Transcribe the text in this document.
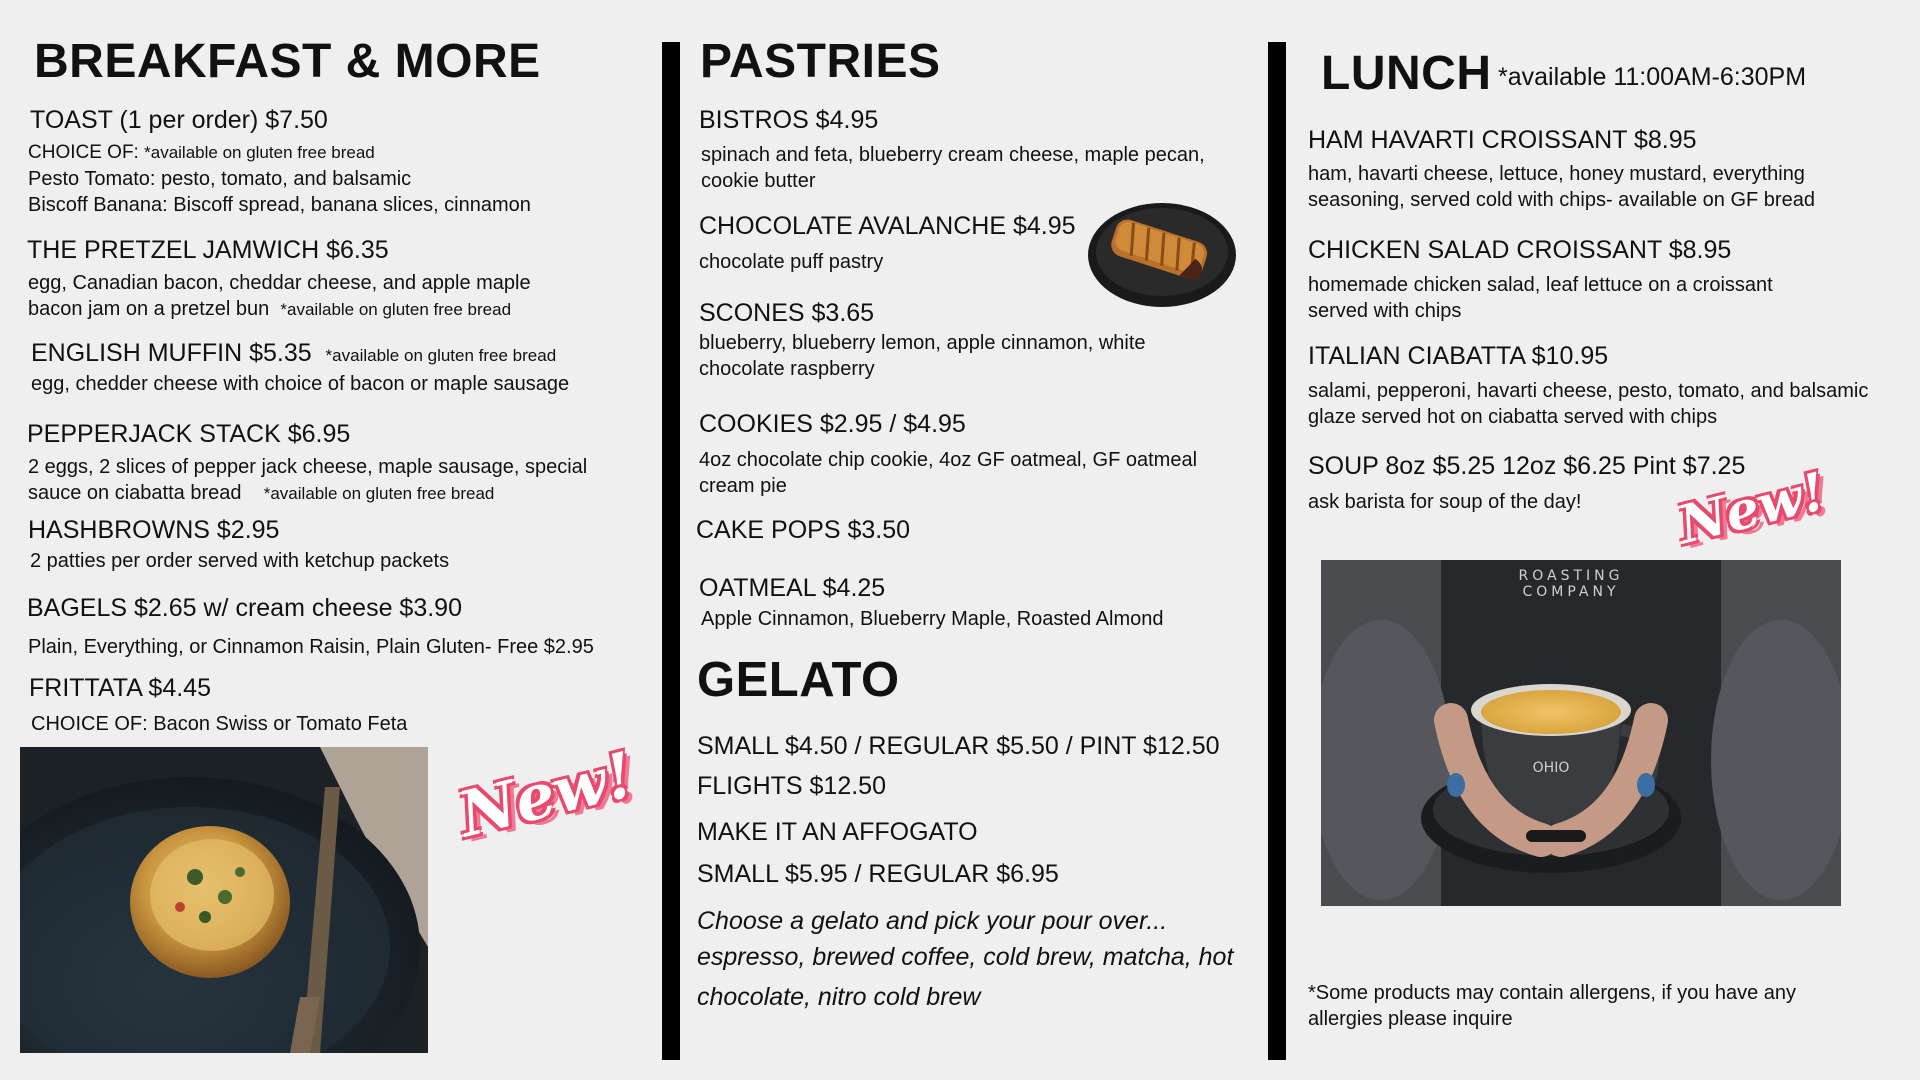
BREAKFAST & MORE
TOAST (1 per order) $7.50
CHOICE OF: *available on gluten free bread
Pesto Tomato: pesto, tomato, and balsamic
Biscoff Banana: Biscoff spread, banana slices, cinnamon
THE PRETZEL JAMWICH $6.35
egg, Canadian bacon, cheddar cheese, and apple maple
bacon jam on a pretzel bun *available on gluten free bread
ENGLISH MUFFIN $5.35 *available on gluten free bread
egg, chedder cheese with choice of bacon or maple sausage
PEPPERJACK STACK $6.95
2 eggs, 2 slices of pepper jack cheese, maple sausage, special
sauce on ciabatta bread *available on gluten free bread
HASHBROWNS $2.95
2 patties per order served with ketchup packets
BAGELS $2.65 w/ cream cheese $3.90
Plain, Everything, or Cinnamon Raisin, Plain Gluten- Free $2.95
FRITTATA $4.45
CHOICE OF: Bacon Swiss or Tomato Feta
New!
PASTRIES
BISTROS $4.95
spinach and feta, blueberry cream cheese, maple pecan,
cookie butter
CHOCOLATE AVALANCHE $4.95
chocolate puff pastry
SCONES $3.65
blueberry, blueberry lemon, apple cinnamon, white
chocolate raspberry
COOKIES $2.95 / $4.95
4oz chocolate chip cookie, 4oz GF oatmeal, GF oatmeal
cream pie
CAKE POPS $3.50
OATMEAL $4.25
Apple Cinnamon, Blueberry Maple, Roasted Almond
GELATO
SMALL $4.50 / REGULAR $5.50 / PINT $12.50
FLIGHTS $12.50
MAKE IT AN AFFOGATO
SMALL $5.95 / REGULAR $6.95
Choose a gelato and pick your pour over...
espresso, brewed coffee, cold brew, matcha, hot
chocolate, nitro cold brew
LUNCH *available 11:00AM-6:30PM
HAM HAVARTI CROISSANT $8.95
ham, havarti cheese, lettuce, honey mustard, everything
seasoning, served cold with chips- available on GF bread
CHICKEN SALAD CROISSANT $8.95
homemade chicken salad, leaf lettuce on a croissant
served with chips
ITALIAN CIABATTA $10.95
salami, pepperoni, havarti cheese, pesto, tomato, and balsamic
glaze served hot on ciabatta served with chips
SOUP 8oz $5.25 12oz $6.25 Pint $7.25
ask barista for soup of the day! New!
OHIO
ROASTING
COMPANY
*Some products may contain allergens, if you have any
allergies please inquire
